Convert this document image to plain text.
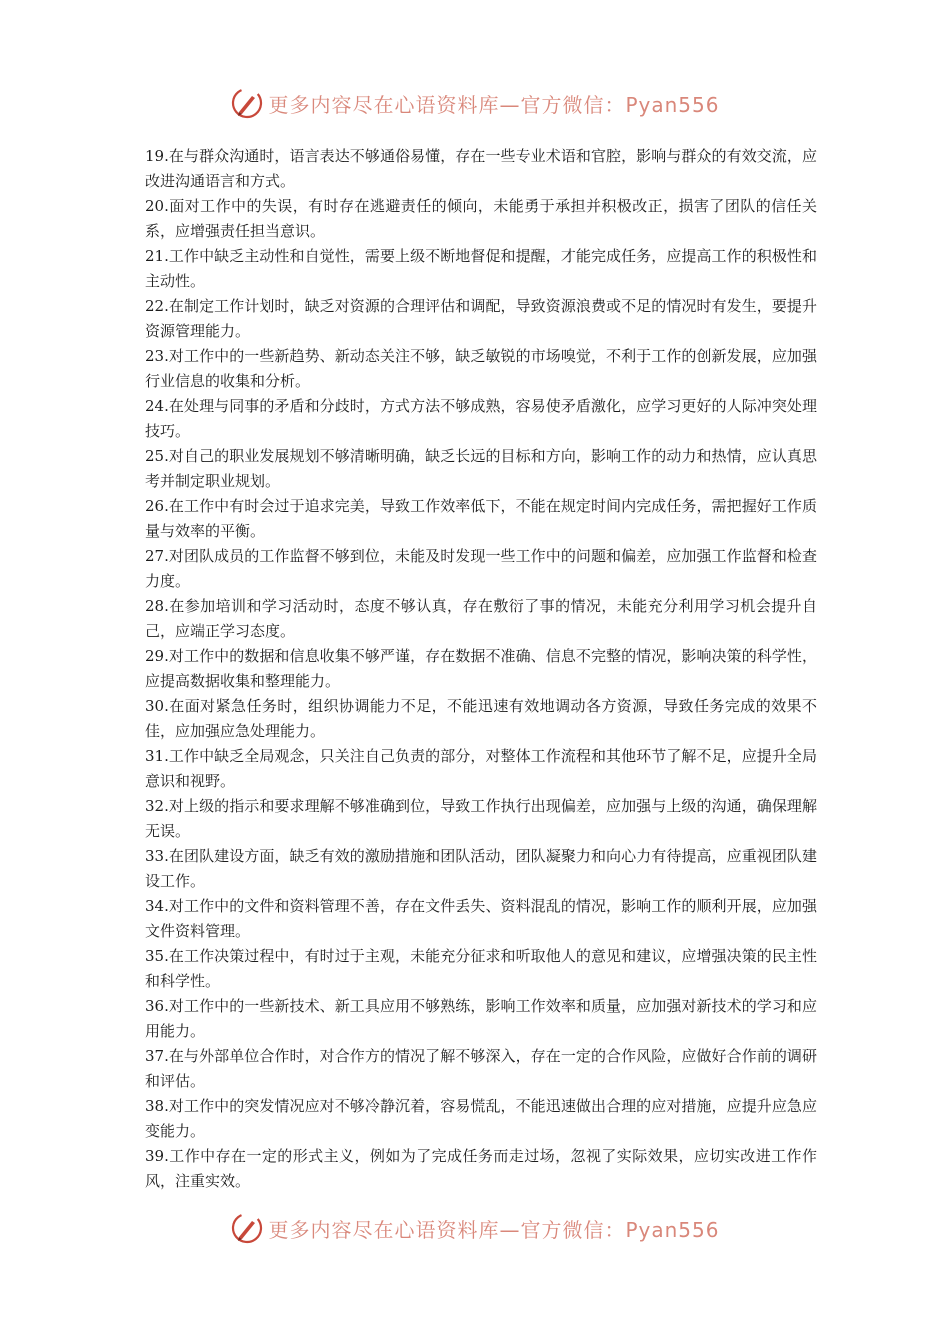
更多内容尽在心语资料库—官方微信：Pyan556

19.在与群众沟通时，语言表达不够通俗易懂，存在一些专业术语和官腔，影响与群众的有效交流，应改进沟通语言和方式。

20.面对工作中的失误，有时存在逃避责任的倾向，未能勇于承担并积极改正，损害了团队的信任关系，应增强责任担当意识。

21.工作中缺乏主动性和自觉性，需要上级不断地督促和提醒，才能完成任务，应提高工作的积极性和主动性。

22.在制定工作计划时，缺乏对资源的合理评估和调配，导致资源浪费或不足的情况时有发生，要提升资源管理能力。

23.对工作中的一些新趋势、新动态关注不够，缺乏敏锐的市场嗅觉，不利于工作的创新发展，应加强行业信息的收集和分析。

24.在处理与同事的矛盾和分歧时，方式方法不够成熟，容易使矛盾激化，应学习更好的人际冲突处理技巧。

25.对自己的职业发展规划不够清晰明确，缺乏长远的目标和方向，影响工作的动力和热情，应认真思考并制定职业规划。

26.在工作中有时会过于追求完美，导致工作效率低下，不能在规定时间内完成任务，需把握好工作质量与效率的平衡。

27.对团队成员的工作监督不够到位，未能及时发现一些工作中的问题和偏差，应加强工作监督和检查力度。

28.在参加培训和学习活动时，态度不够认真，存在敷衍了事的情况，未能充分利用学习机会提升自己，应端正学习态度。

29.对工作中的数据和信息收集不够严谨，存在数据不准确、信息不完整的情况，影响决策的科学性，应提高数据收集和整理能力。

30.在面对紧急任务时，组织协调能力不足，不能迅速有效地调动各方资源，导致任务完成的效果不佳，应加强应急处理能力。

31.工作中缺乏全局观念，只关注自己负责的部分，对整体工作流程和其他环节了解不足，应提升全局意识和视野。

32.对上级的指示和要求理解不够准确到位，导致工作执行出现偏差，应加强与上级的沟通，确保理解无误。

33.在团队建设方面，缺乏有效的激励措施和团队活动，团队凝聚力和向心力有待提高，应重视团队建设工作。

34.对工作中的文件和资料管理不善，存在文件丢失、资料混乱的情况，影响工作的顺利开展，应加强文件资料管理。

35.在工作决策过程中，有时过于主观，未能充分征求和听取他人的意见和建议，应增强决策的民主性和科学性。

36.对工作中的一些新技术、新工具应用不够熟练，影响工作效率和质量，应加强对新技术的学习和应用能力。

37.在与外部单位合作时，对合作方的情况了解不够深入，存在一定的合作风险，应做好合作前的调研和评估。

38.对工作中的突发情况应对不够冷静沉着，容易慌乱，不能迅速做出合理的应对措施，应提升应急应变能力。

39.工作中存在一定的形式主义，例如为了完成任务而走过场，忽视了实际效果，应切实改进工作作风，注重实效。

更多内容尽在心语资料库—官方微信：Pyan556
